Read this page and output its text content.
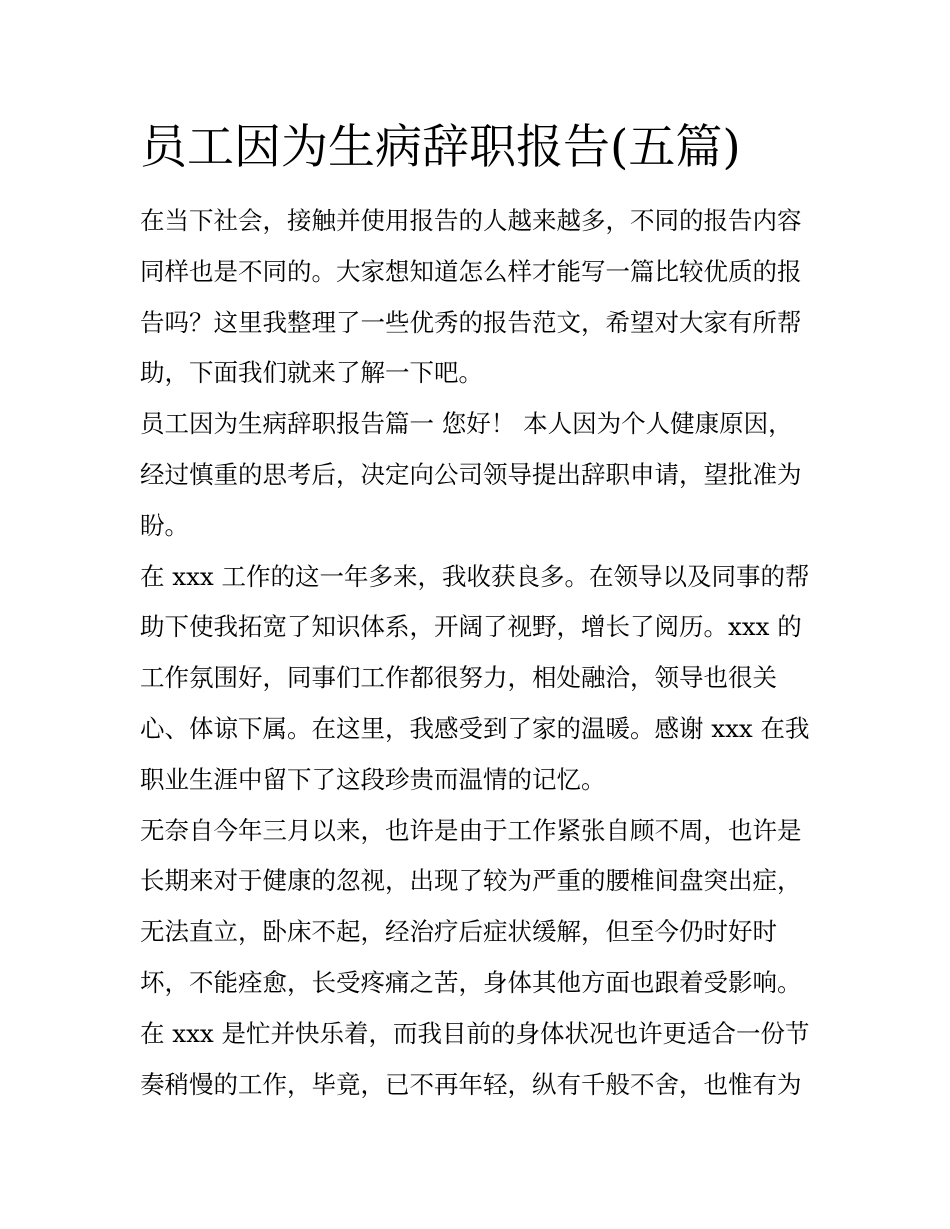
员工因为生病辞职报告(五篇)
在当下社会，接触并使用报告的人越来越多，不同的报告内容
同样也是不同的。大家想知道怎么样才能写一篇比较优质的报
告吗？这里我整理了一些优秀的报告范文，希望对大家有所帮
助，下面我们就来了解一下吧。
员工因为生病辞职报告篇一 您好！ 本人因为个人健康原因，
经过慎重的思考后，决定向公司领导提出辞职申请，望批准为
盼。
在 xxx 工作的这一年多来，我收获良多。在领导以及同事的帮
助下使我拓宽了知识体系，开阔了视野，增长了阅历。xxx 的
工作氛围好，同事们工作都很努力，相处融洽，领导也很关
心、体谅下属。在这里，我感受到了家的温暖。感谢 xxx 在我
职业生涯中留下了这段珍贵而温情的记忆。
无奈自今年三月以来，也许是由于工作紧张自顾不周，也许是
长期来对于健康的忽视，出现了较为严重的腰椎间盘突出症，
无法直立，卧床不起，经治疗后症状缓解，但至今仍时好时
坏，不能痊愈，长受疼痛之苦，身体其他方面也跟着受影响。
在 xxx 是忙并快乐着，而我目前的身体状况也许更适合一份节
奏稍慢的工作，毕竟，已不再年轻，纵有千般不舍，也惟有为
